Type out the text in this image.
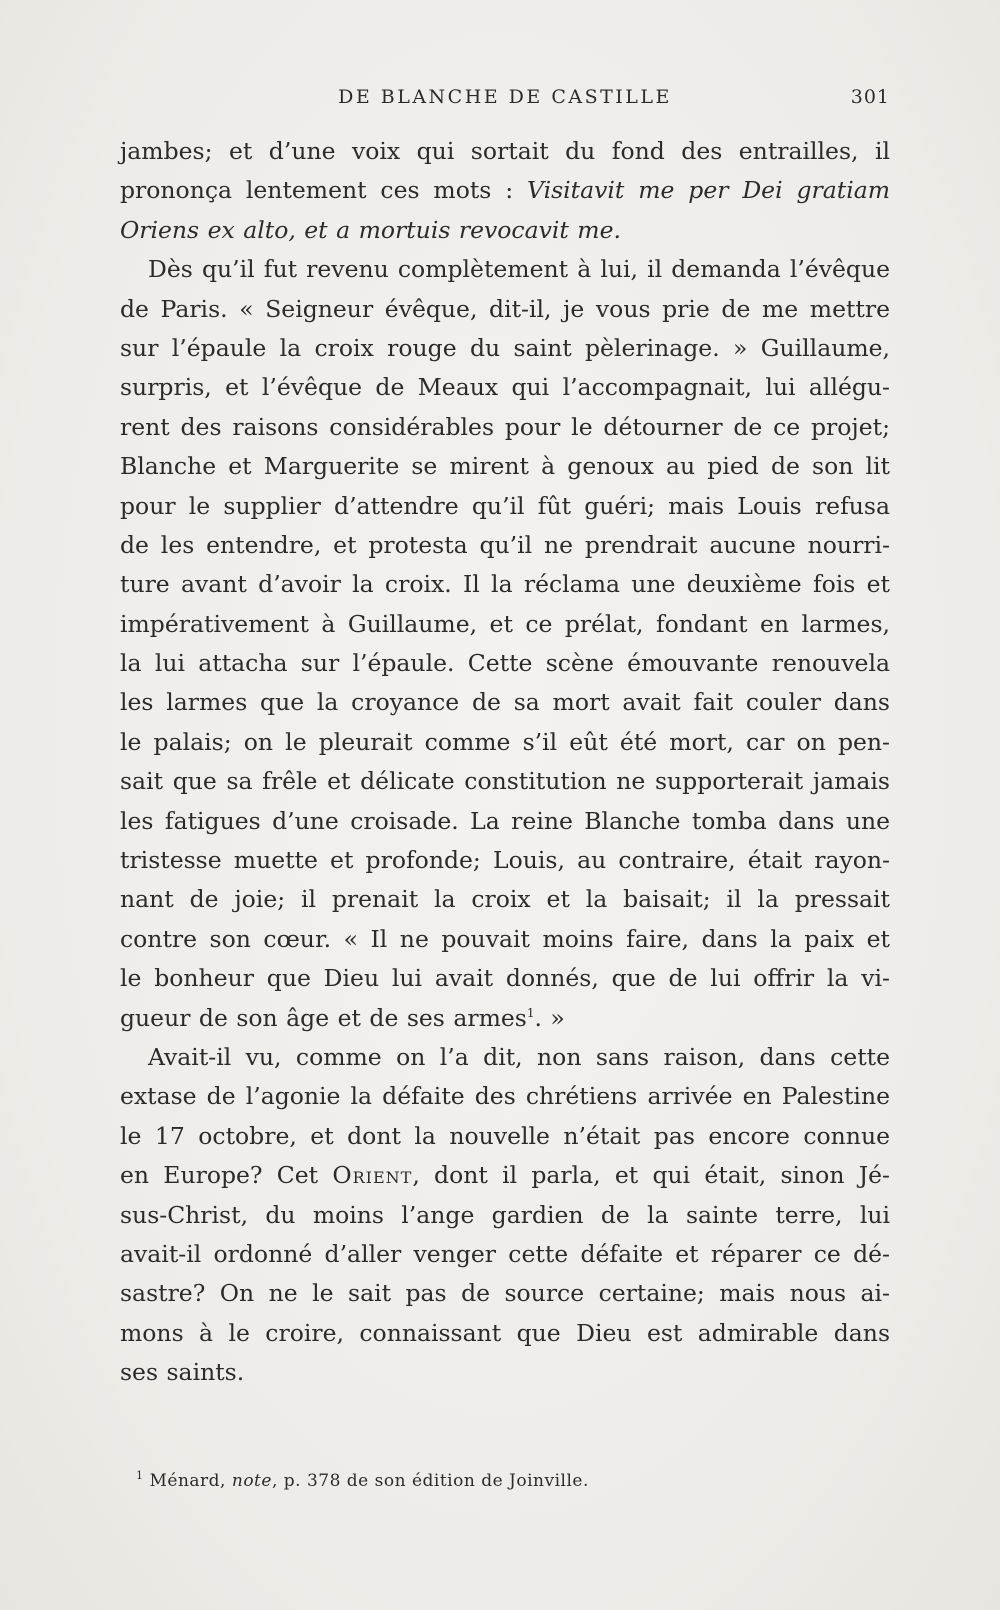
DE BLANCHE DE CASTILLE	301
jambes; et d’une voix qui sortait du fond des entrailles, il
prononça lentement ces mots : Visitavit me per Dei gratiam
Oriens ex alto, et a mortuis revocavit me.
Dès qu’il fut revenu complètement à lui, il demanda l’évêque
de Paris. « Seigneur évêque, dit-il, je vous prie de me mettre
sur l’épaule la croix rouge du saint pèlerinage. » Guillaume,
surpris, et l’évêque de Meaux qui l’accompagnait, lui allégu-
rent des raisons considérables pour le détourner de ce projet;
Blanche et Marguerite se mirent à genoux au pied de son lit
pour le supplier d’attendre qu’il fût guéri; mais Louis refusa
de les entendre, et protesta qu’il ne prendrait aucune nourri-
ture avant d’avoir la croix. Il la réclama une deuxième fois et
impérativement à Guillaume, et ce prélat, fondant en larmes,
la lui attacha sur l’épaule. Cette scène émouvante renouvela
les larmes que la croyance de sa mort avait fait couler dans
le palais; on le pleurait comme s’il eût été mort, car on pen-
sait que sa frêle et délicate constitution ne supporterait jamais
les fatigues d’une croisade. La reine Blanche tomba dans une
tristesse muette et profonde; Louis, au contraire, était rayon-
nant de joie; il prenait la croix et la baisait; il la pressait
contre son cœur. « Il ne pouvait moins faire, dans la paix et
le bonheur que Dieu lui avait donnés, que de lui offrir la vi-
gueur de son âge et de ses armes$^1$. »
Avait-il vu, comme on l’a dit, non sans raison, dans cette
extase de l’agonie la défaite des chrétiens arrivée en Palestine
le 17 octobre, et dont la nouvelle n’était pas encore connue
en Europe? Cet Orient, dont il parla, et qui était, sinon Jé-
sus-Christ, du moins l’ange gardien de la sainte terre, lui
avait-il ordonné d’aller venger cette défaite et réparer ce dé-
sastre? On ne le sait pas de source certaine; mais nous ai-
mons à le croire, connaissant que Dieu est admirable dans
ses saints.
$^1$ Ménard, note, p. 378 de son édition de Joinville.
